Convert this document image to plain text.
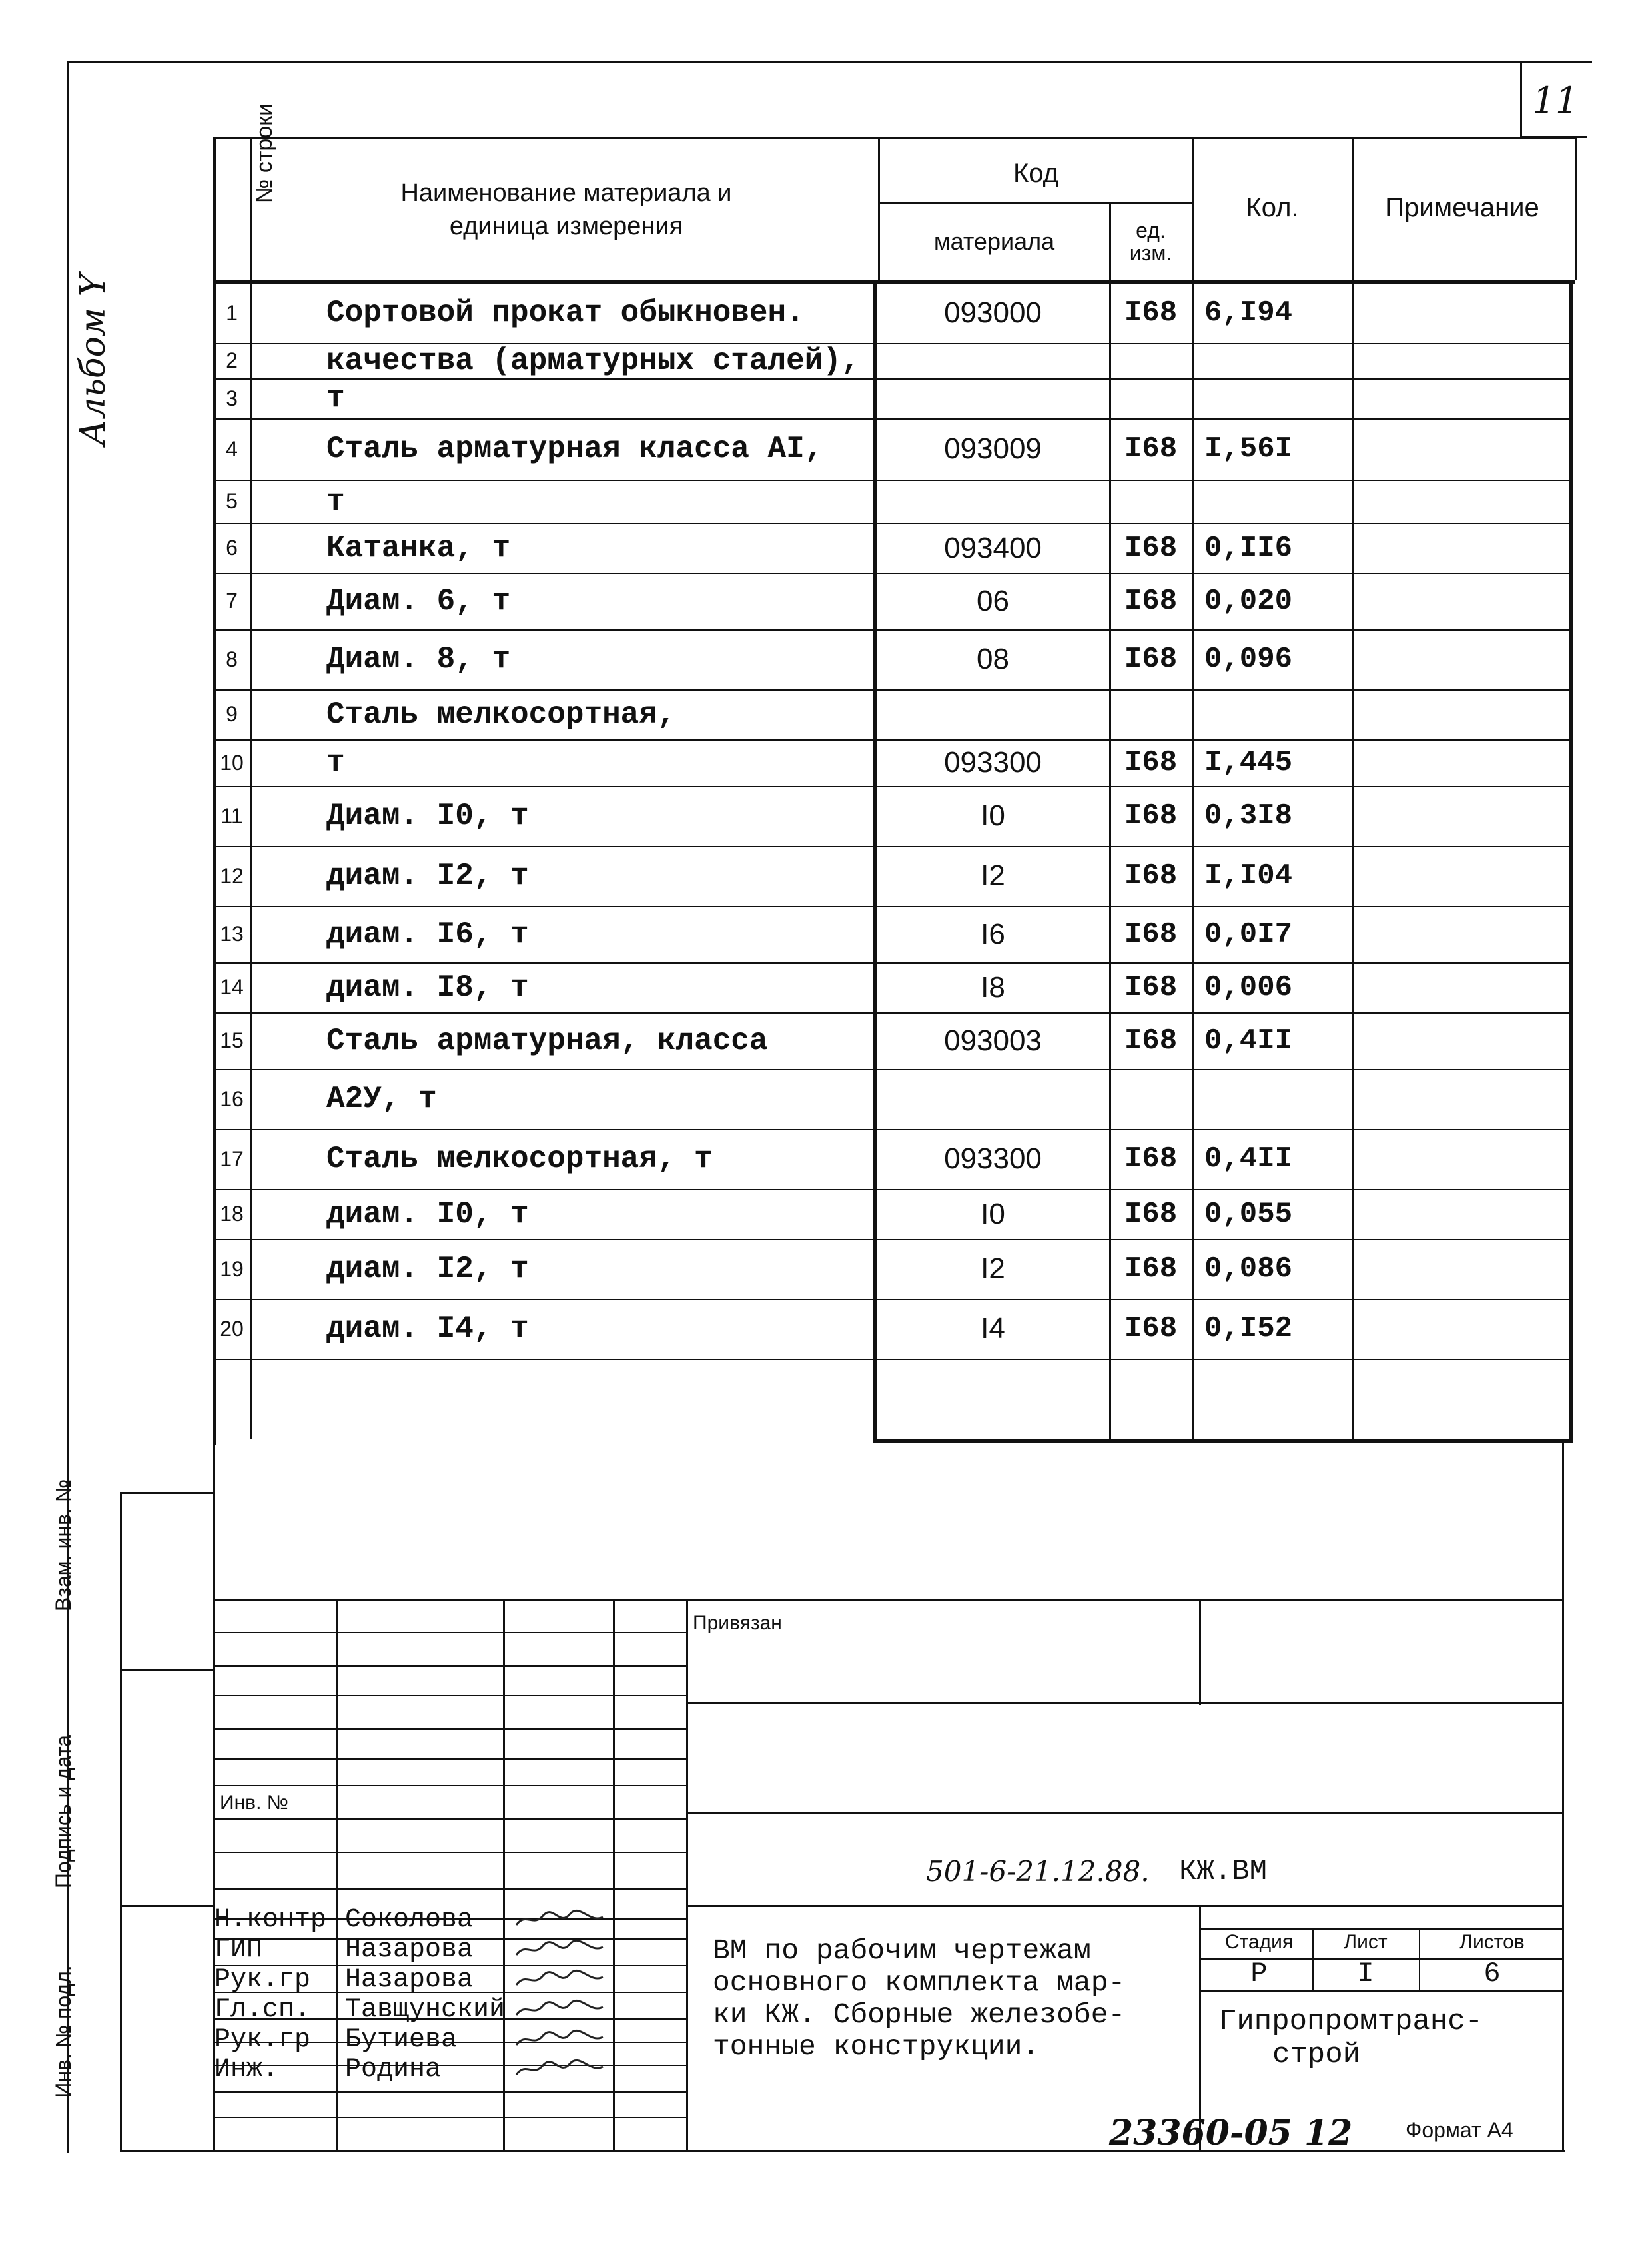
11
Альбом Y
№ строки	Наименование материала и единица измерения
Код
материала	ед. изм.
Кол.	Примечание
1	Сортовой прокат обыкновен.	093000	I68 6,I94
2	качества (арматурных сталей),
3	т
4	Сталь арматурная класса АI,	093009	I68 I,56I
5	т
6	Катанка, т	093400	I68 0,II6
7	Диам. 6, т	06	I68 0,020
8	Диам. 8, т	08	I68 0,096
9	Сталь мелкосортная,
10	т	093300	I68 I,445
11	Диам. I0, т	I0	I68 0,3I8
12	диам. I2, т	I2	I68 I,I04
13	диам. I6, т	I6	I68 0,0I7
14	диам. I8, т	I8	I68 0,006
15	Сталь арматурная, класса	093003	I68 0,4II
16	А2У, т
17	Сталь мелкосортная, т	093300	I68 0,4II
18	диам. I0, т	I0	I68 0,055
19	диам. I2, т	I2	I68 0,086
20	диам. I4, т	I4	I68 0,I52
Взам. инв. №
Подпись и дата
Инв. № подл.
Привязан
Инв. №
501-6-21.12.88. КЖ.ВМ
ВМ по рабочим чертежам
основного комплекта мар-
ки КЖ. Сборные железобе-
тонные конструкции.
Стадия	Лист	Листов
Р	I	6
Гипропромтранс-
строй
Н.контр Соколова
ГИП	Назарова
Рук.гр Назарова
Гл.сп. Тавщунский
Рук.гр Бутиева
Инж. Родина
23360-05 12 Формат А4
